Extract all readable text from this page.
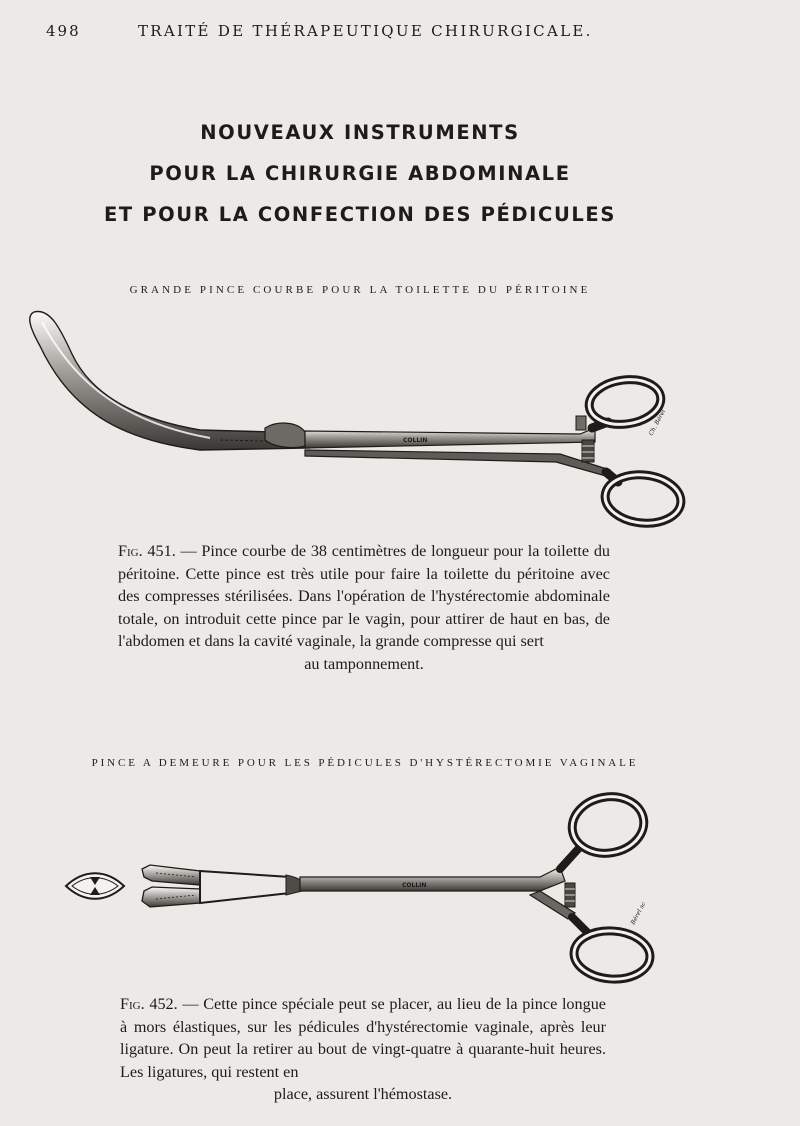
498	TRAITÉ DE THÉRAPEUTIQUE CHIRURGICALE.
NOUVEAUX INSTRUMENTS
POUR LA CHIRURGIE ABDOMINALE
ET POUR LA CONFECTION DES PÉDICULES
GRANDE PINCE COURBE POUR LA TOILETTE DU PÉRITOINE
COLLIN
Ch. Bérel
Fig. 451. — Pince courbe de 38 centimètres de longueur pour la toilette du péritoine. Cette pince est très utile pour faire la toilette du péritoine avec des compresses stérilisées. Dans l'opération de l'hystérectomie abdominale totale, on introduit cette pince par le vagin, pour attirer de haut en bas, de l'abdomen et dans la cavité vaginale, la grande compresse qui sert
au tamponnement.
PINCE A DEMEURE POUR LES PÉDICULES D'HYSTÉRECTOMIE VAGINALE
COLLIN
Bérel sc
Fig. 452. — Cette pince spéciale peut se placer, au lieu de la pince longue à mors élastiques, sur les pédicules d'hystérectomie vaginale, après leur ligature. On peut la retirer au bout de vingt-quatre à quarante-huit heures. Les ligatures, qui restent en
place, assurent l'hémostase.
